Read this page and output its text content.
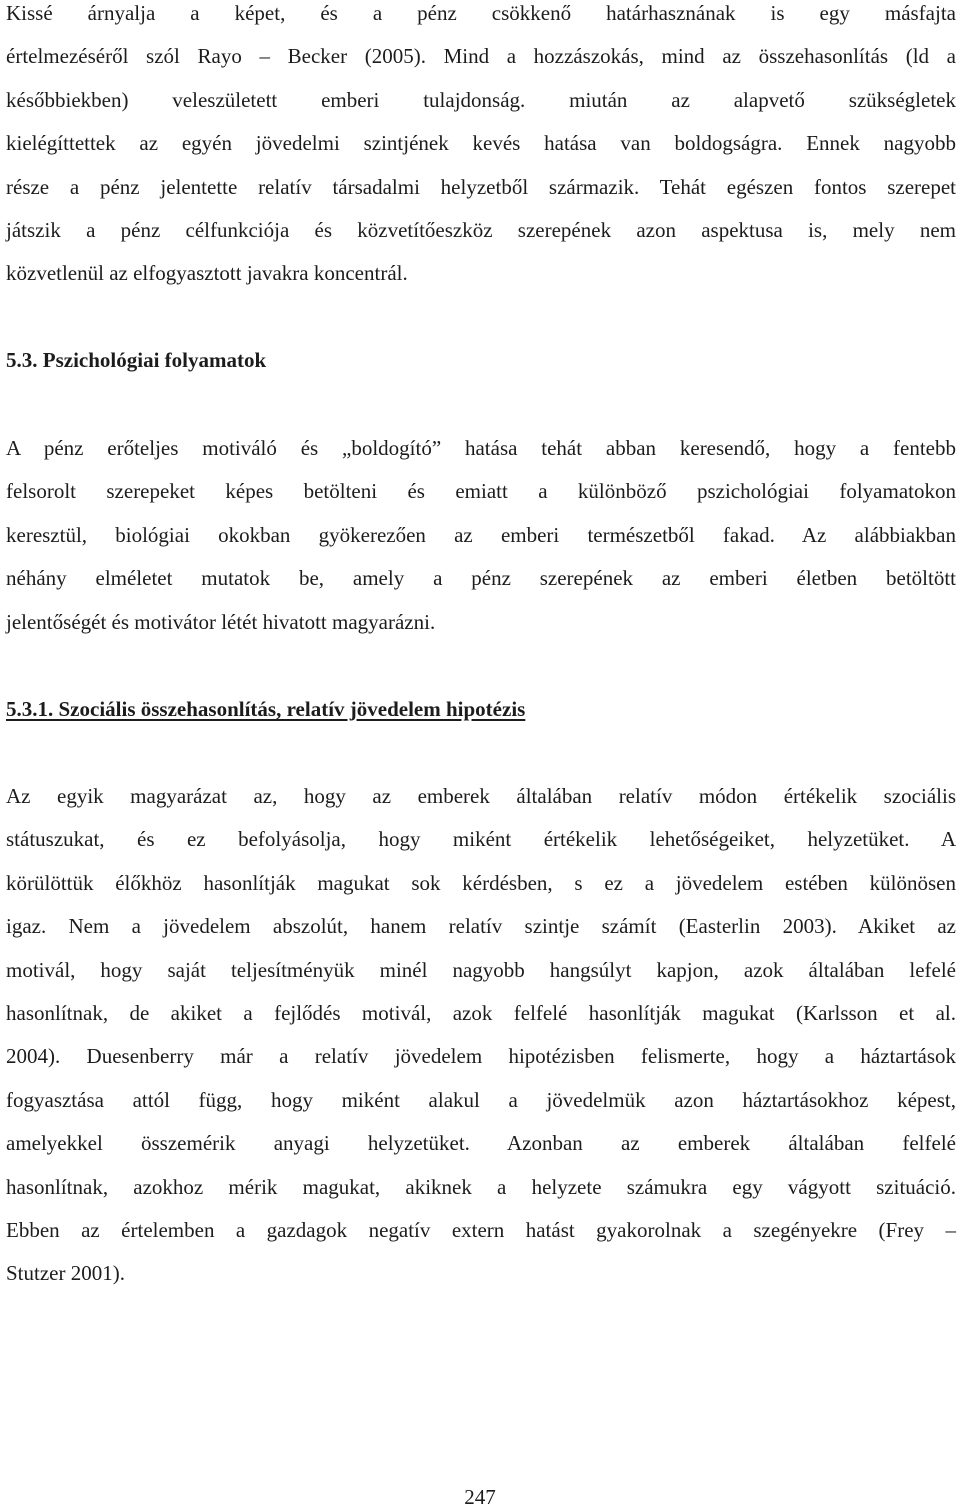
Kissé árnyalja a képet, és a pénz csökkenő határhasznának is egy másfajta
értelmezéséről szól Rayo – Becker (2005). Mind a hozzászokás, mind az összehasonlítás (ld a
későbbiekben) veleszületett emberi tulajdonság. miután az alapvető szükségletek
kielégíttettek az egyén jövedelmi szintjének kevés hatása van boldogságra. Ennek nagyobb
része a pénz jelentette relatív társadalmi helyzetből származik. Tehát egészen fontos szerepet
játszik a pénz célfunkciója és közvetítőeszköz szerepének azon aspektusa is, mely nem
közvetlenül az elfogyasztott javakra koncentrál.
5.3. Pszichológiai folyamatok
A pénz erőteljes motiváló és „boldogító” hatása tehát abban keresendő, hogy a fentebb
felsorolt szerepeket képes betölteni és emiatt a különböző pszichológiai folyamatokon
keresztül, biológiai okokban gyökerezően az emberi természetből fakad. Az alábbiakban
néhány elméletet mutatok be, amely a pénz szerepének az emberi életben betöltött
jelentőségét és motivátor létét hivatott magyarázni.
5.3.1. Szociális összehasonlítás, relatív jövedelem hipotézis
Az egyik magyarázat az, hogy az emberek általában relatív módon értékelik szociális
státuszukat, és ez befolyásolja, hogy miként értékelik lehetőségeiket, helyzetüket. A
körülöttük élőkhöz hasonlítják magukat sok kérdésben, s ez a jövedelem estében különösen
igaz. Nem a jövedelem abszolút, hanem relatív szintje számít (Easterlin 2003). Akiket az
motivál, hogy saját teljesítményük minél nagyobb hangsúlyt kapjon, azok általában lefelé
hasonlítnak, de akiket a fejlődés motivál, azok felfelé hasonlítják magukat (Karlsson et al.
2004). Duesenberry már a relatív jövedelem hipotézisben felismerte, hogy a háztartások
fogyasztása attól függ, hogy miként alakul a jövedelmük azon háztartásokhoz képest,
amelyekkel összemérik anyagi helyzetüket. Azonban az emberek általában felfelé
hasonlítnak, azokhoz mérik magukat, akiknek a helyzete számukra egy vágyott szituáció.
Ebben az értelemben a gazdagok negatív extern hatást gyakorolnak a szegényekre (Frey –
Stutzer 2001).
247
